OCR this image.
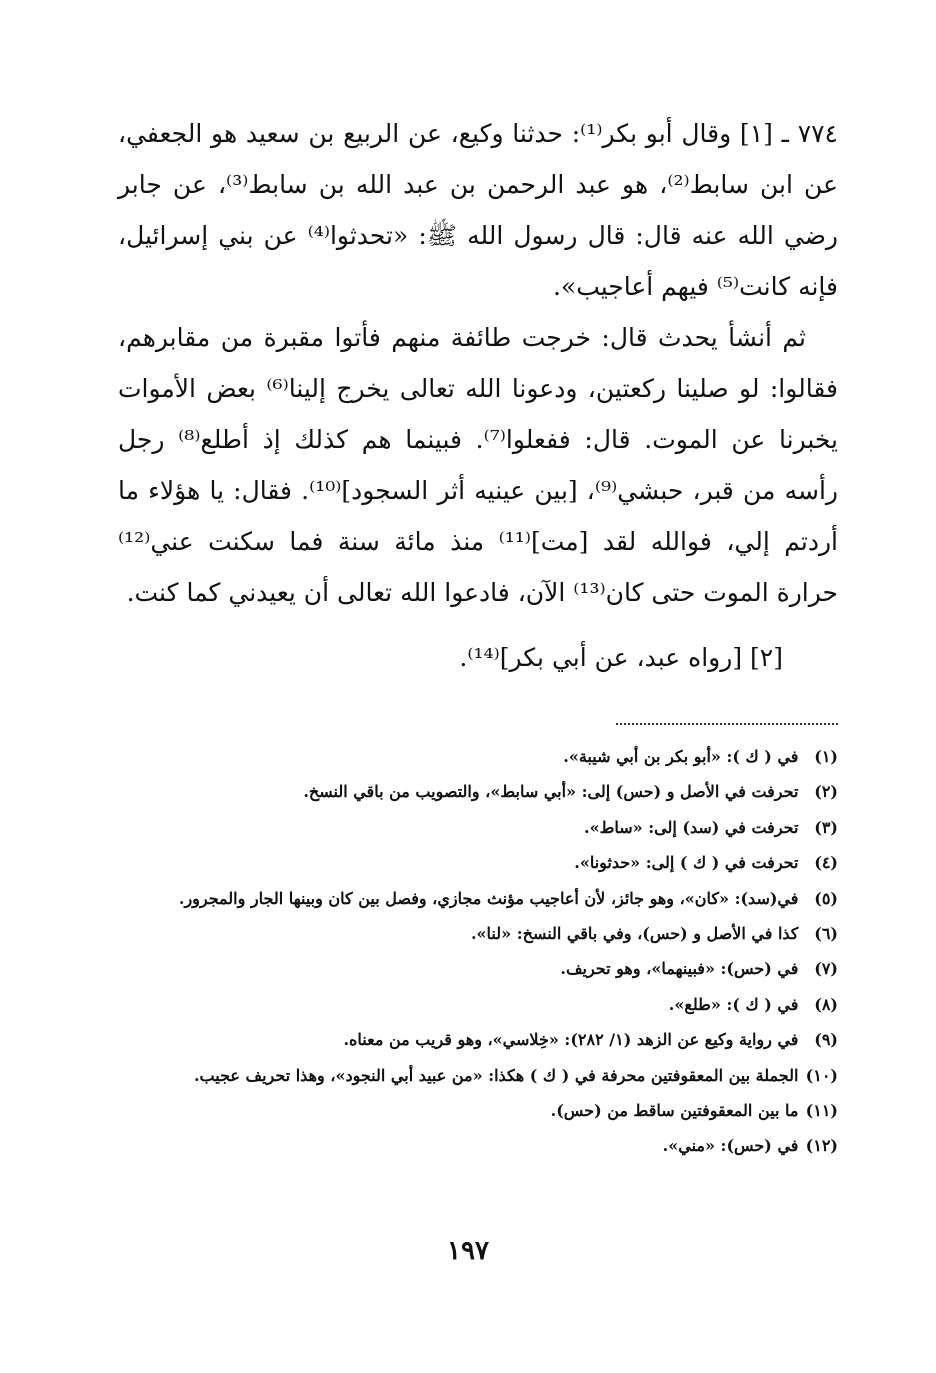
٧٧٤ ـ [١] وقال أبو بكر⁽¹⁾: حدثنا وكيع، عن الربيع بن سعيد هو الجعفي، عن ابن سابط⁽²⁾، هو عبد الرحمن بن عبد الله بن سابط⁽³⁾، عن جابر رضي الله عنه قال: قال رسول الله ﷺ: «تحدثوا⁽⁴⁾ عن بني إسرائيل، فإنه كانت⁽⁵⁾ فيهم أعاجيب».

ثم أنشأ يحدث قال: خرجت طائفة منهم فأتوا مقبرة من مقابرهم، فقالوا: لو صلينا ركعتين، ودعونا الله تعالى يخرج إلينا⁽⁶⁾ بعض الأموات يخبرنا عن الموت. قال: ففعلوا⁽⁷⁾. فبينما هم كذلك إذ أطلع⁽⁸⁾ رجل رأسه من قبر، حبشي⁽⁹⁾، [بين عينيه أثر السجود]⁽¹⁰⁾. فقال: يا هؤلاء ما أردتم إلي، فوالله لقد [مت]⁽¹¹⁾ منذ مائة سنة فما سكنت عني⁽¹²⁾ حرارة الموت حتى كان⁽¹³⁾ الآن، فادعوا الله تعالى أن يعيدني كما كنت.

[٢] [رواه عبد، عن أبي بكر]⁽¹⁴⁾.

(١) في ( ك ): «أبو بكر بن أبي شيبة».
(٢) تحرفت في الأصل و (حس) إلى: «أبي سابط»، والتصويب من باقي النسخ.
(٣) تحرفت في (سد) إلى: «ساط».
(٤) تحرفت في ( ك ) إلى: «حدثونا».
(٥) في(سد): «كان»، وهو جائز، لأن أعاجيب مؤنث مجازي، وفصل بين كان وبينها الجار والمجرور.
(٦) كذا في الأصل و (حس)، وفي باقي النسخ: «لنا».
(٧) في (حس): «فبينهما»، وهو تحريف.
(٨) في ( ك ): «طلع».
(٩) في رواية وكيع عن الزهد (١/ ٢٨٢): «خِلاسي»، وهو قريب من معناه.
(١٠) الجملة بين المعقوفتين محرفة في ( ك ) هكذا: «من عبيد أبي النجود»، وهذا تحريف عجيب.
(١١) ما بين المعقوفتين ساقط من (حس).
(١٢) في (حس): «مني».
١٩٧
